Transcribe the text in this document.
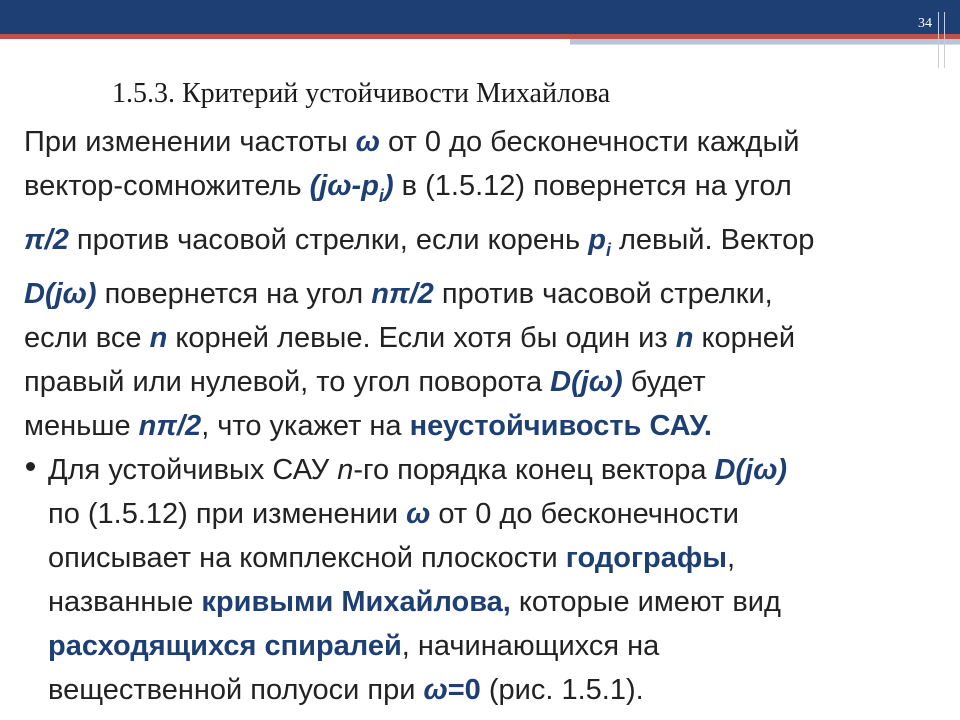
34
1.5.3. Критерий устойчивости Михайлова
При изменении частоты ω от 0 до бесконечности каждый
вектор-сомножитель $(j\omega-p_i)$ в (1.5.12) повернется на угол
π/2 против часовой стрелки, если корень $p_i$ левый. Вектор
D(jω) повернется на угол nπ/2 против часовой стрелки,
если все n корней левые. Если хотя бы один из n корней
правый или нулевой, то угол поворота D(jω) будет
меньше nπ/2, что укажет на неустойчивость САУ.
Для устойчивых САУ n-го порядка конец вектора D(jω)
по (1.5.12) при изменении ω от 0 до бесконечности
описывает на комплексной плоскости годографы,
названные кривыми Михайлова, которые имеют вид
расходящихся спиралей, начинающихся на
вещественной полуоси при ω=0 (рис. 1.5.1).
